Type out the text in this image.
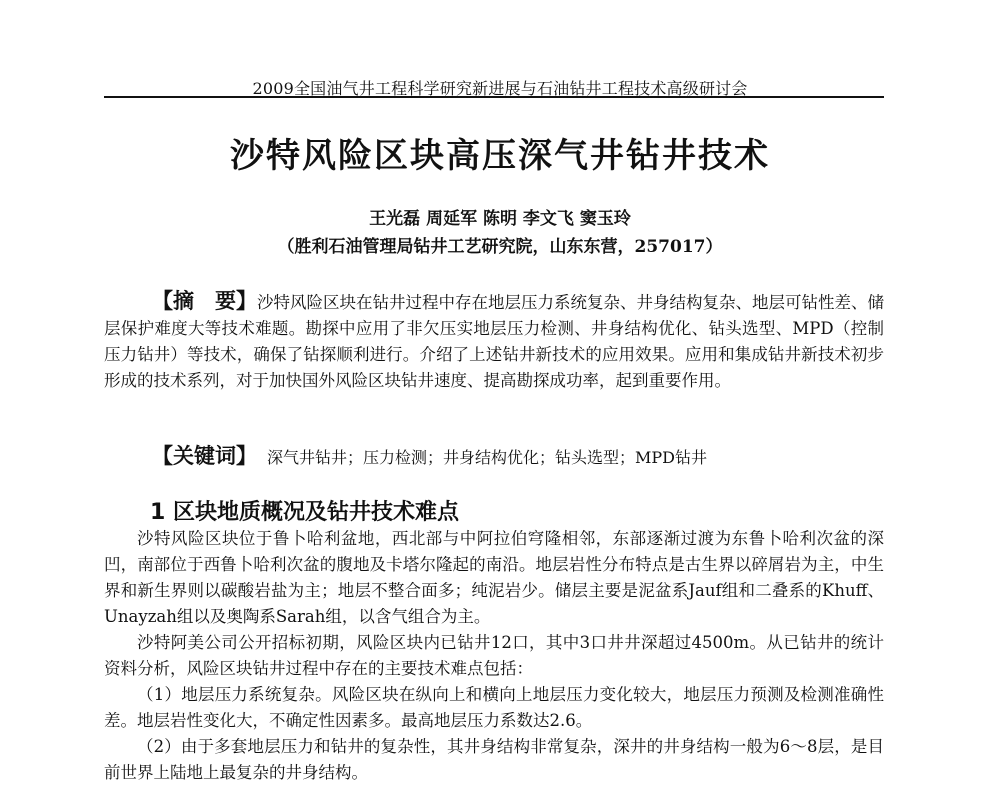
2009全国油气井工程科学研究新进展与石油钻井工程技术高级研讨会
沙特风险区块高压深气井钻井技术
王光磊 周延军 陈明 李文飞 窦玉玲
（胜利石油管理局钻井工艺研究院，山东东营，257017）
【摘　要】沙特风险区块在钻井过程中存在地层压力系统复杂、井身结构复杂、地层可钻性差、储层保护难度大等技术难题。勘探中应用了非欠压实地层压力检测、井身结构优化、钻头选型、MPD（控制压力钻井）等技术，确保了钻探顺利进行。介绍了上述钻井新技术的应用效果。应用和集成钻井新技术初步形成的技术系列，对于加快国外风险区块钻井速度、提高勘探成功率，起到重要作用。
【关键词】 深气井钻井；压力检测；井身结构优化；钻头选型；MPD钻井
1 区块地质概况及钻井技术难点

沙特风险区块位于鲁卜哈利盆地，西北部与中阿拉伯穹隆相邻，东部逐渐过渡为东鲁卜哈利次盆的深凹，南部位于西鲁卜哈利次盆的腹地及卡塔尔隆起的南沿。地层岩性分布特点是古生界以碎屑岩为主，中生界和新生界则以碳酸岩盐为主；地层不整合面多；纯泥岩少。储层主要是泥盆系Jauf组和二叠系的Khuff、Unayzah组以及奥陶系Sarah组，以含气组合为主。

沙特阿美公司公开招标初期，风险区块内已钻井12口，其中3口井井深超过4500m。从已钻井的统计资料分析，风险区块钻井过程中存在的主要技术难点包括：

（1）地层压力系统复杂。风险区块在纵向上和横向上地层压力变化较大，地层压力预测及检测准确性差。地层岩性变化大，不确定性因素多。最高地层压力系数达2.6。

（2）由于多套地层压力和钻井的复杂性，其井身结构非常复杂，深井的井身结构一般为6～8层，是目前世界上陆地上最复杂的井身结构。
